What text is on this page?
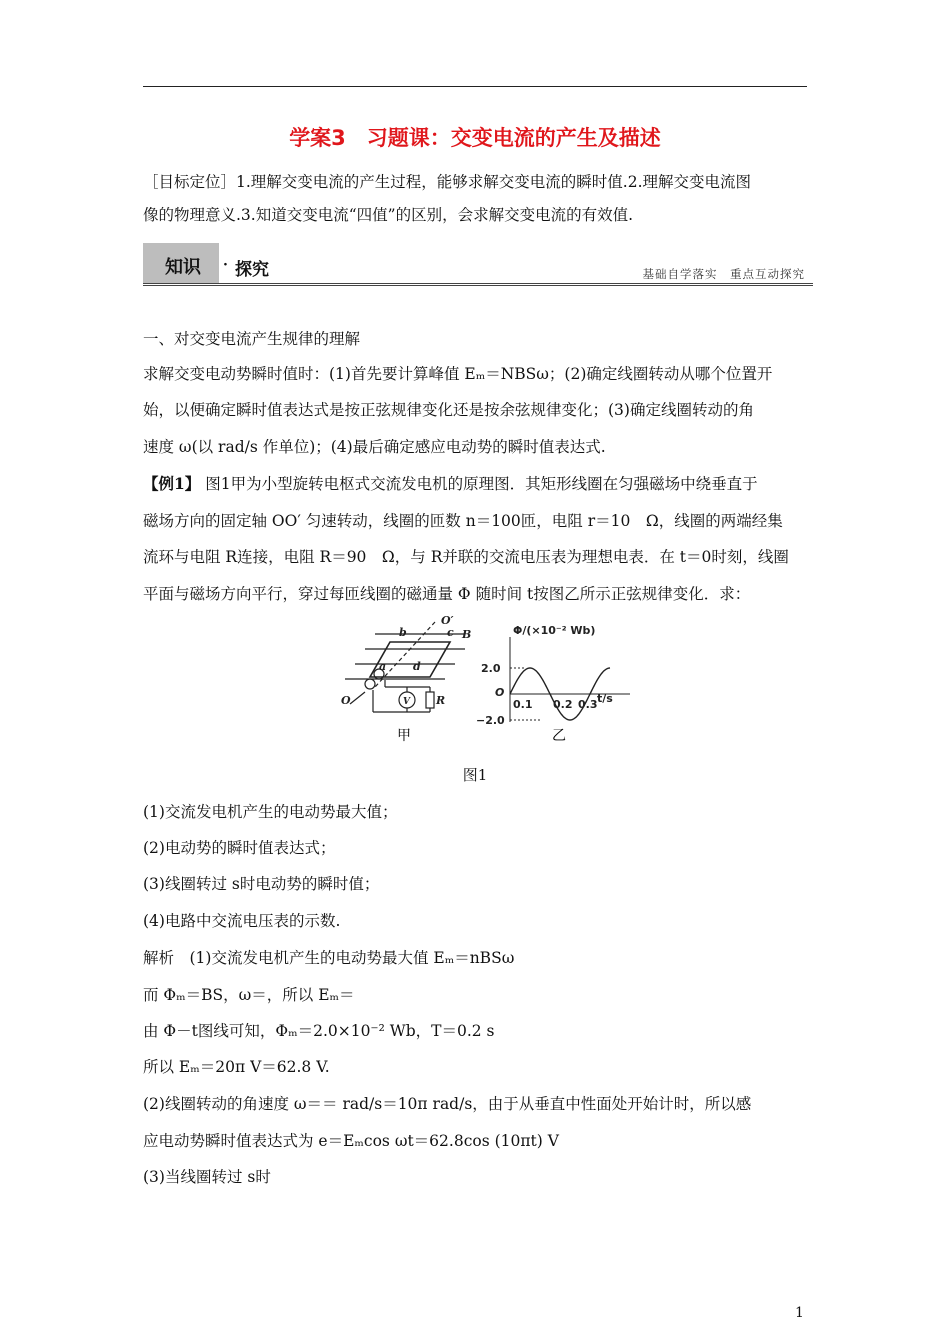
学案3　习题课：交变电流的产生及描述
［目标定位］1.理解交变电流的产生过程，能够求解交变电流的瞬时值.2.理解交变电流图
像的物理意义.3.知道交变电流“四值”的区别，会求解交变电流的有效值.
知识 · 探究	基础自学落实　重点互动探究
一、对交变电流产生规律的理解
求解交变电动势瞬时值时：(1)首先要计算峰值 Eₘ＝NBSω；(2)确定线圈转动从哪个位置开
始，以便确定瞬时值表达式是按正弦规律变化还是按余弦规律变化；(3)确定线圈转动的角
速度 ω(以 rad/s 作单位)；(4)最后确定感应电动势的瞬时值表达式.
【例1】 图1甲为小型旋转电枢式交流发电机的原理图．其矩形线圈在匀强磁场中绕垂直于
磁场方向的固定轴 OO′ 匀速转动，线圈的匝数 n＝100匝，电阻 r＝10　Ω，线圈的两端经集
流环与电阻 R连接，电阻 R＝90　Ω，与 R并联的交流电压表为理想电表．在 t＝0时刻，线圈
平面与磁场方向平行，穿过每匝线圈的磁通量 Φ 随时间 t按图乙所示正弦规律变化．求：
O′
b	c B
a d
O	V R
Φ/(×10⁻² Wb)
t/s
2.0
−2.0
O
0.1 0.2 0.3
甲	乙
图1
(1)交流发电机产生的电动势最大值；
(2)电动势的瞬时值表达式；
(3)线圈转过 s时电动势的瞬时值；
(4)电路中交流电压表的示数.
解析　(1)交流发电机产生的电动势最大值 Eₘ＝nBSω
而 Φₘ＝BS，ω＝，所以 Eₘ＝
由 Φ－t图线可知，Φₘ＝2.0×10⁻² Wb，T＝0.2 s
所以 Eₘ＝20π V＝62.8 V.
(2)线圈转动的角速度 ω＝＝ rad/s＝10π rad/s，由于从垂直中性面处开始计时，所以感
应电动势瞬时值表达式为 e＝Eₘcos ωt＝62.8cos (10πt) V
(3)当线圈转过 s时
1
